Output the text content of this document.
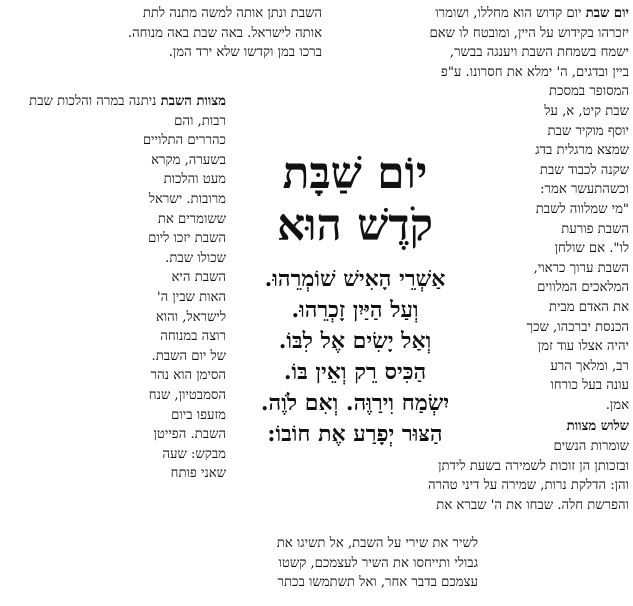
יום שבת יום קדוש הוא מחללו, ושומרו
יזכרהו בקידוש על היין, ומובטח לו שאם
ישמח בשמחת השבת ויענגה בבשר,
ביין ובדגים, ה' ימלא את חסרונו. ע"פ
המסופר במסכת
שבת קיט, א, על
יוסף מוקיר שבת
שמצא מרגלית בדג
שקנה לכבוד שבת
וכשהתעשר אמר:
"מי שמלווה לשבת
השבת פורעת
לו". אם שולחן
השבת ערוך כראוי,
המלאכים המלווים
את האדם מבית
הכנסת יברכהו, שכך
יהיה אצלו עוד זמן
רב, ומלאך הרע
עונה בעל כורחו
אמן.
שלוש מצוות
שומרות הנשים
ובזכותן הן זוכות לשמירה בשעת לידתן
והן: הדלקת נרות, שמירה על דיני טהרה
והפרשת חלה. שבחו את ה' שברא את
השבת ונתן אותה למשה מתנה לתת
אותה לישראל. באה שבת באה מנוחה.
ברכו במן וקדשו שלא ירד המן.
מצוות השבת ניתנה במרה והלכות שבת
רבות, והם
כהררים התלויים
בשערה, מקרא
מעט והלכות
מרובות. ישראל
ששומרים את
השבת יזכו ליום
שכולו שבת.
השבת היא
האות שבין ה'
לישראל, והוא
רוצה במנוחה
של יום השבת.
הסימן הוא נהר
הסמבטיון, שנח
מזעפו ביום
השבת. הפייטן
מבקש: שעה
שאני פותח
לשיר את שירי על השבת, אל תשיגו את
גבולי ותייחסו את השיר לעצמכם, קשטו
עצמכם בדבר אחר, ואל תשתמשו בכתר
יוֹם שַׁבָּת
קֹדֶשׁ הוּא
אַשְׁרֵי הָאִישׁ שׁוֹמְרֵהוּ.
וְעַל הַיַּיִן זָכְרֵהוּ.
וְאַל יָשִׂים אֶל לִבּוֹ.
הַכִּיס רֵק וְאֵין בּוֹ.
יִשְׂמַח וִירַוֶּה. וְאִם לֹוֶה.
הַצּוּר יְפָרַע אֶת חוֹבוֹ:
